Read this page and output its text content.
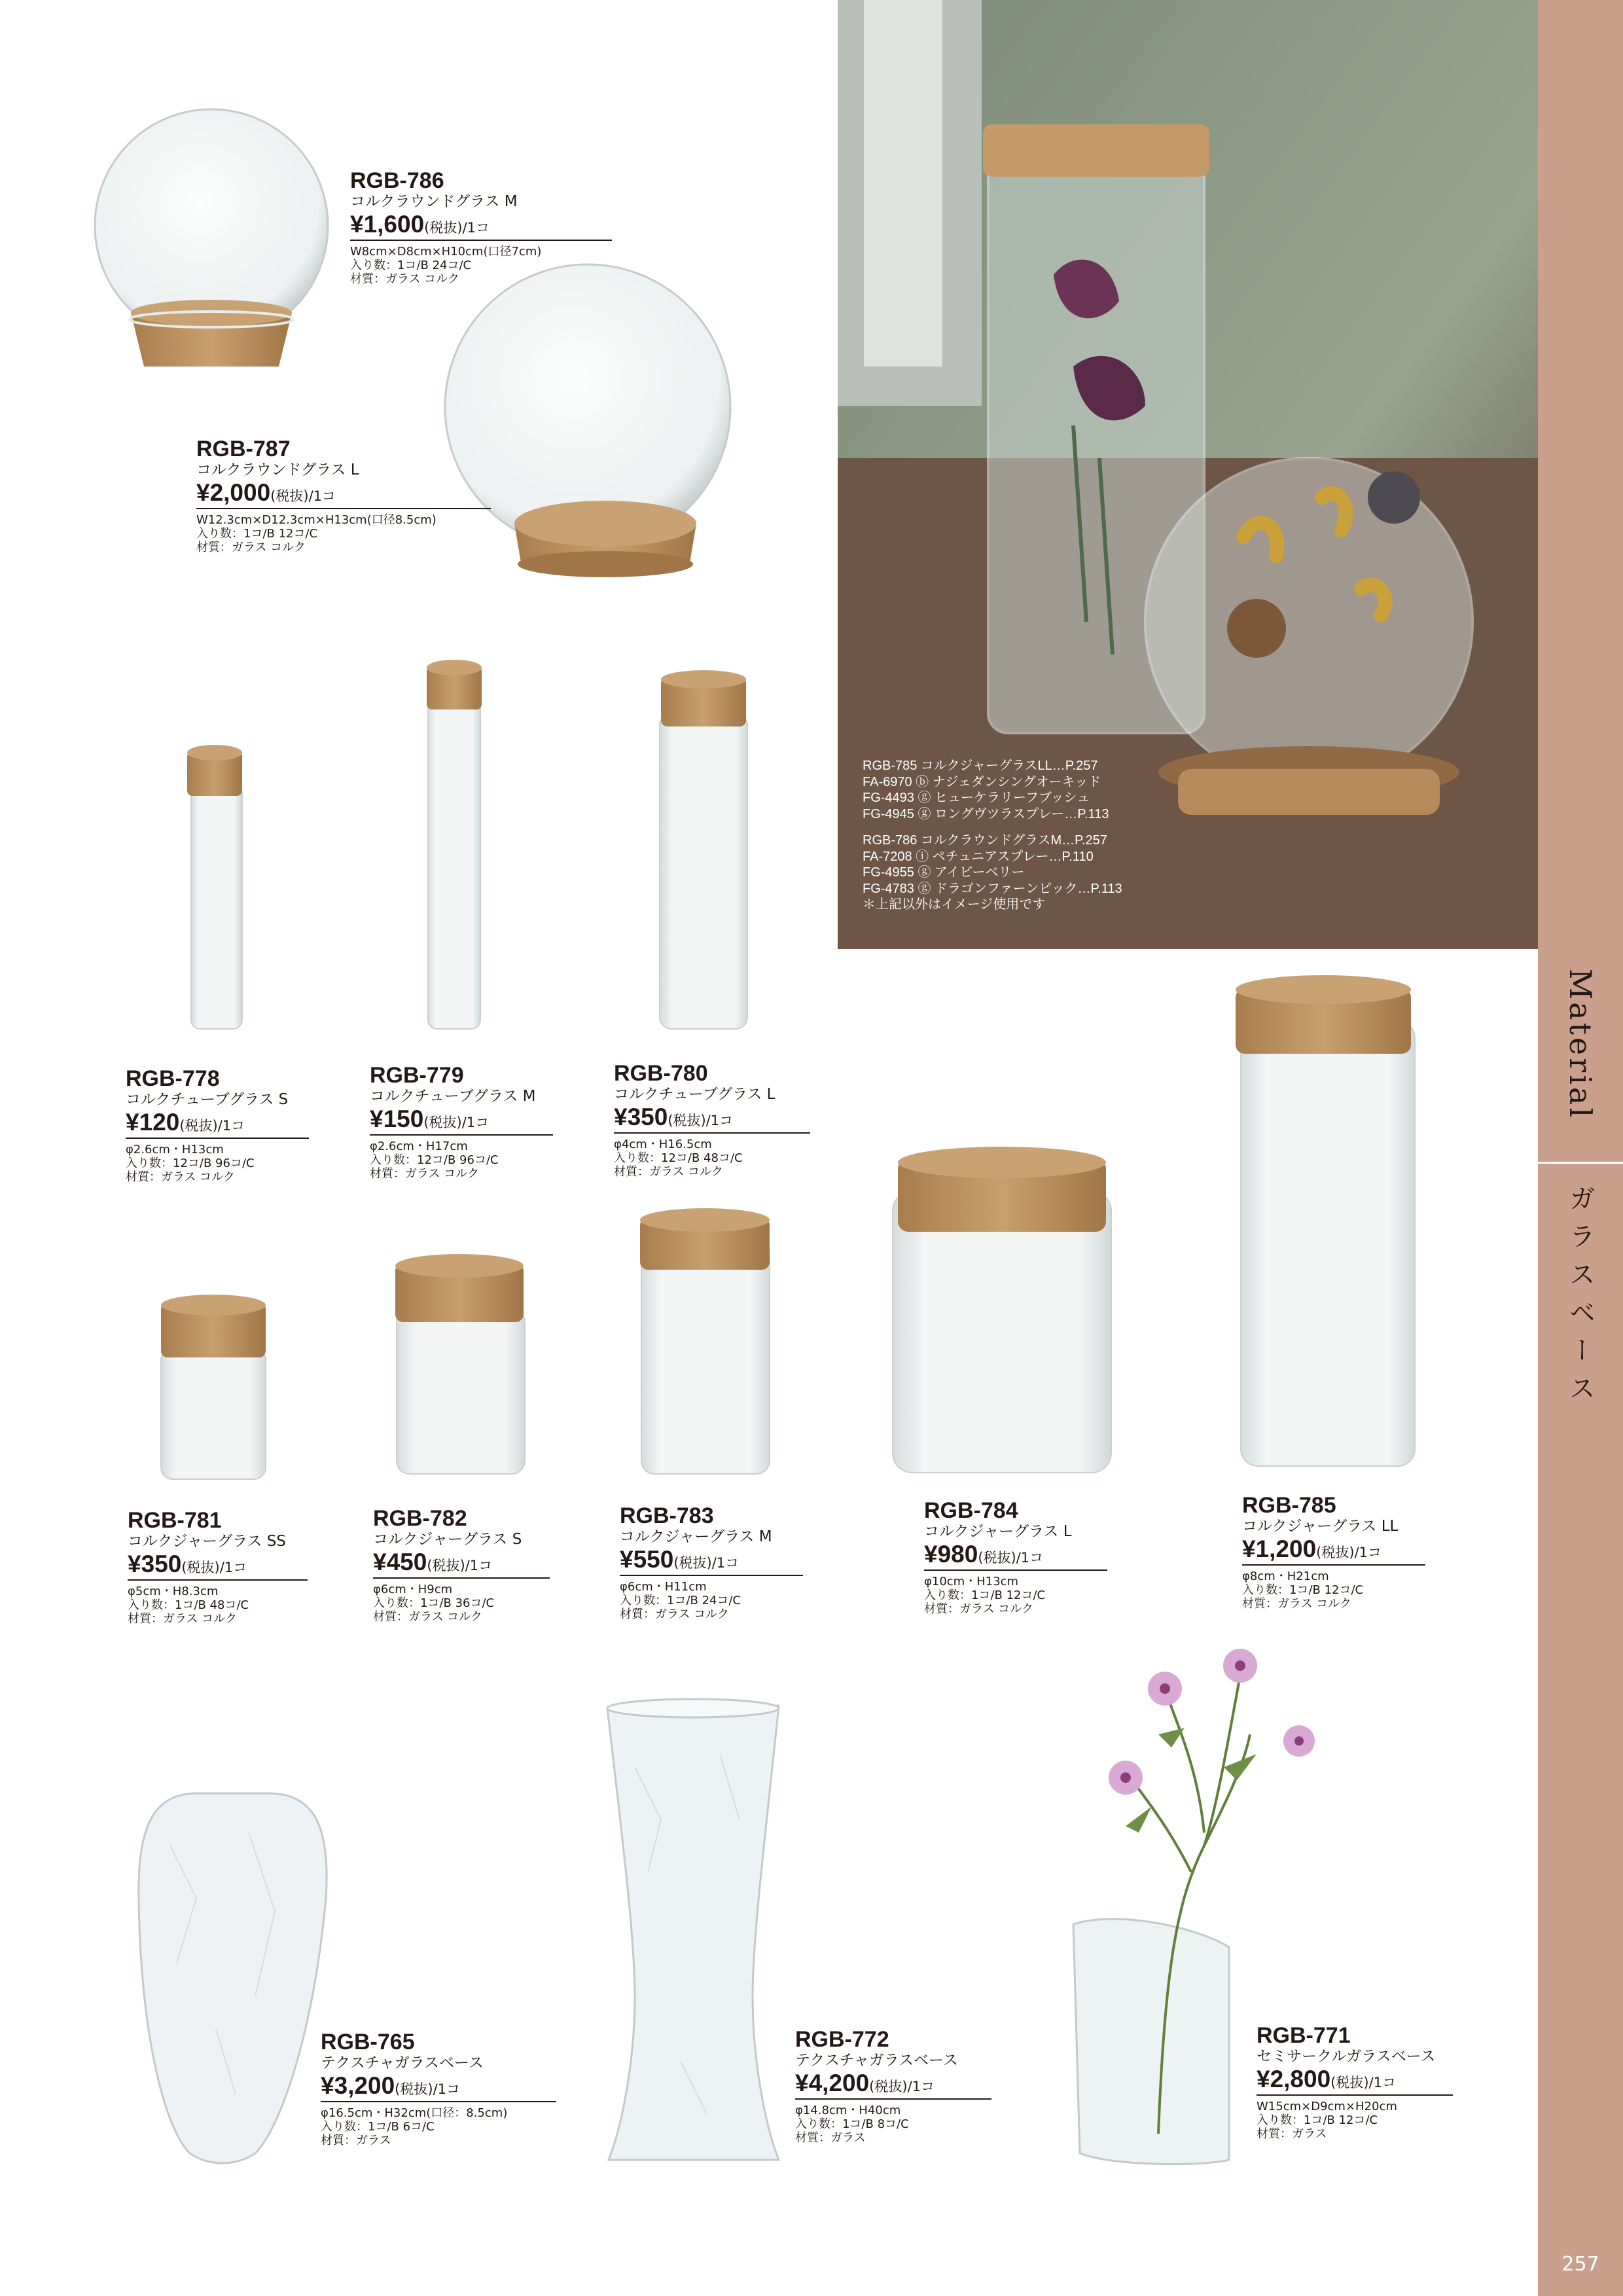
Material
ガラスベース
257
RGB-785 コルクジャーグラスLL…P.257
FA-6970 ⓑ ナジェダンシングオーキッド
FG-4493 ⓖ ヒューケラリーフブッシュ
FG-4945 ⓖ ロングヴツラスプレー…P.113
RGB-786 コルクラウンドグラスM…P.257
FA-7208 ⓘ ペチュニアスプレー…P.110
FG-4955 ⓖ アイビーベリー
FG-4783 ⓖ ドラゴンファーンピック…P.113
＊上記以外はイメージ使用です
RGB-786
コルクラウンドグラス M
¥1,600(税抜)/1コ
W8cm×D8cm×H10cm(口径7cm)
入り数：1コ/B 24コ/C
材質：ガラス コルク
RGB-787
コルクラウンドグラス L
¥2,000(税抜)/1コ
W12.3cm×D12.3cm×H13cm(口径8.5cm)
入り数：1コ/B 12コ/C
材質：ガラス コルク
RGB-778
コルクチューブグラス S
¥120(税抜)/1コ
φ2.6cm・H13cm
入り数：12コ/B 96コ/C
材質：ガラス コルク
RGB-779
コルクチューブグラス M
¥150(税抜)/1コ
φ2.6cm・H17cm
入り数：12コ/B 96コ/C
材質：ガラス コルク
RGB-780
コルクチューブグラス L
¥350(税抜)/1コ
φ4cm・H16.5cm
入り数：12コ/B 48コ/C
材質：ガラス コルク
RGB-781
コルクジャーグラス SS
¥350(税抜)/1コ
φ5cm・H8.3cm
入り数：1コ/B 48コ/C
材質：ガラス コルク
RGB-782
コルクジャーグラス S
¥450(税抜)/1コ
φ6cm・H9cm
入り数：1コ/B 36コ/C
材質：ガラス コルク
RGB-783
コルクジャーグラス M
¥550(税抜)/1コ
φ6cm・H11cm
入り数：1コ/B 24コ/C
材質：ガラス コルク
RGB-784
コルクジャーグラス L
¥980(税抜)/1コ
φ10cm・H13cm
入り数：1コ/B 12コ/C
材質：ガラス コルク
RGB-785
コルクジャーグラス LL
¥1,200(税抜)/1コ
φ8cm・H21cm
入り数：1コ/B 12コ/C
材質：ガラス コルク
RGB-765
テクスチャガラスベース
¥3,200(税抜)/1コ
φ16.5cm・H32cm(口径：8.5cm)
入り数：1コ/B 6コ/C
材質：ガラス
RGB-772
テクスチャガラスベース
¥4,200(税抜)/1コ
φ14.8cm・H40cm
入り数：1コ/B 8コ/C
材質：ガラス
RGB-771
セミサークルガラスベース
¥2,800(税抜)/1コ
W15cm×D9cm×H20cm
入り数：1コ/B 12コ/C
材質：ガラス
